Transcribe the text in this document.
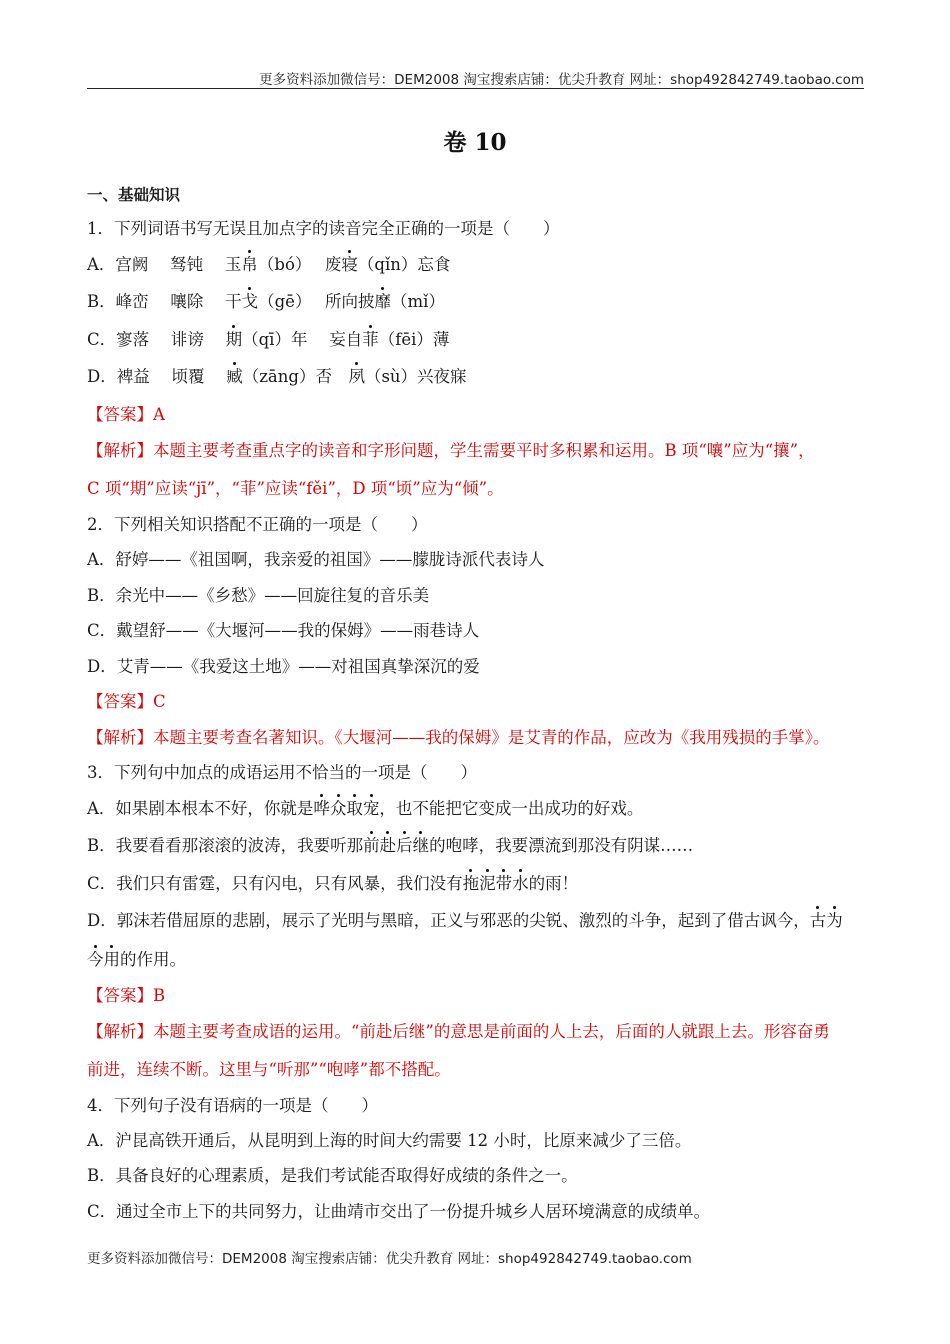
更多资料添加微信号：DEM2008 淘宝搜索店铺：优尖升教育 网址：shop492842749.taobao.com
卷 10
一、基础知识
1．下列词语书写无误且加点字的读音完全正确的一项是（　　）
A．宫阙　 驽钝　 玉帛（bó）　 废寝（qǐn）忘食
B．峰峦　 嚷除　 干戈（gē）　 所向披靡（mǐ）
C．寥落　 诽谤　 期（qī）年　 妄自菲（fēi）薄
D．裨益　 顷覆　 臧（zāng）否　夙（sù）兴夜寐
【答案】A
【解析】本题主要考查重点字的读音和字形问题，学生需要平时多积累和运用。B 项“嚷”应为“攘”，
C 项“期”应读“jī”，“菲”应读“fěi”，D 项“顷”应为“倾”。
2．下列相关知识搭配不正确的一项是（　　）
A．舒婷——《祖国啊，我亲爱的祖国》——朦胧诗派代表诗人
B．余光中——《乡愁》——回旋往复的音乐美
C．戴望舒——《大堰河——我的保姆》——雨巷诗人
D．艾青——《我爱这土地》——对祖国真挚深沉的爱
【答案】C
【解析】本题主要考查名著知识。《大堰河——我的保姆》是艾青的作品，应改为《我用残损的手掌》。
3．下列句中加点的成语运用不恰当的一项是（　　）
A．如果剧本根本不好，你就是哗众取宠，也不能把它变成一出成功的好戏。
B．我要看看那滚滚的波涛，我要听那前赴后继的咆哮，我要漂流到那没有阴谋……
C．我们只有雷霆，只有闪电，只有风暴，我们没有拖泥带水的雨！
D．郭沫若借屈原的悲剧，展示了光明与黑暗，正义与邪恶的尖锐、激烈的斗争，起到了借古讽今，古为
今用的作用。
【答案】B
【解析】本题主要考查成语的运用。“前赴后继”的意思是前面的人上去，后面的人就跟上去。形容奋勇
前进，连续不断。这里与“听那”“咆哮”都不搭配。
4．下列句子没有语病的一项是（　　）
A．沪昆高铁开通后，从昆明到上海的时间大约需要 12 小时，比原来减少了三倍。
B．具备良好的心理素质，是我们考试能否取得好成绩的条件之一。
C．通过全市上下的共同努力，让曲靖市交出了一份提升城乡人居环境满意的成绩单。
更多资料添加微信号：DEM2008 淘宝搜索店铺：优尖升教育 网址：shop492842749.taobao.com
